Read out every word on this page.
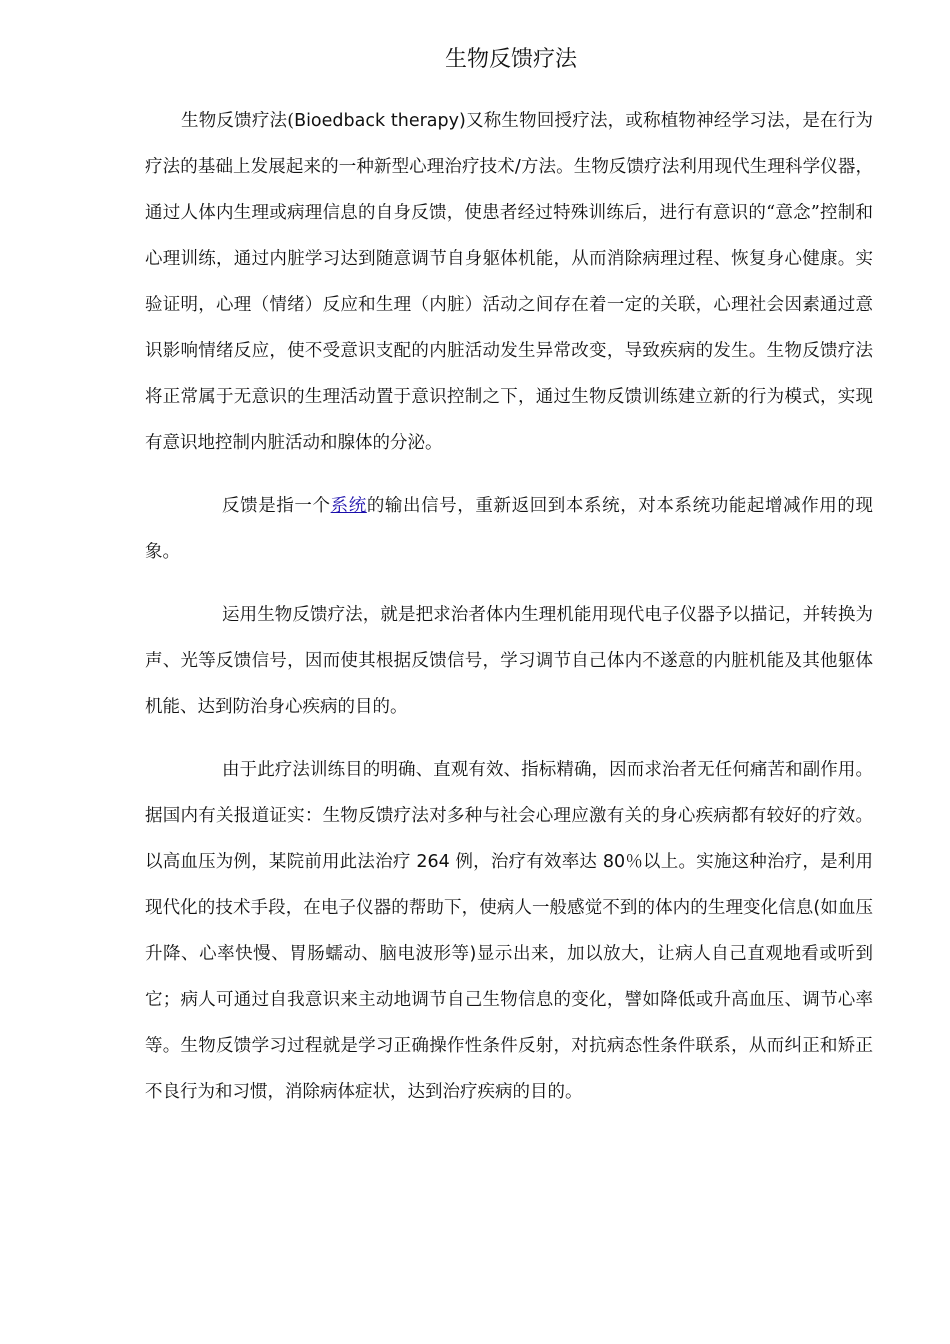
生物反馈疗法

生物反馈疗法(Bioedback therapy)又称生物回授疗法，或称植物神经学习法，是在行为疗法的基础上发展起来的一种新型心理治疗技术/方法。生物反馈疗法利用现代生理科学仪器，通过人体内生理或病理信息的自身反馈，使患者经过特殊训练后，进行有意识的“意念”控制和心理训练，通过内脏学习达到随意调节自身躯体机能，从而消除病理过程、恢复身心健康。实验证明，心理（情绪）反应和生理（内脏）活动之间存在着一定的关联，心理社会因素通过意识影响情绪反应，使不受意识支配的内脏活动发生异常改变，导致疾病的发生。生物反馈疗法将正常属于无意识的生理活动置于意识控制之下，通过生物反馈训练建立新的行为模式，实现有意识地控制内脏活动和腺体的分泌。

反馈是指一个系统的输出信号，重新返回到本系统，对本系统功能起增减作用的现象。

运用生物反馈疗法，就是把求治者体内生理机能用现代电子仪器予以描记，并转换为声、光等反馈信号，因而使其根据反馈信号，学习调节自己体内不遂意的内脏机能及其他躯体机能、达到防治身心疾病的目的。

由于此疗法训练目的明确、直观有效、指标精确，因而求治者无任何痛苦和副作用。据国内有关报道证实：生物反馈疗法对多种与社会心理应激有关的身心疾病都有较好的疗效。以高血压为例，某院前用此法治疗 264 例，治疗有效率达 80％以上。实施这种治疗，是利用现代化的技术手段，在电子仪器的帮助下，使病人一般感觉不到的体内的生理变化信息(如血压升降、心率快慢、胃肠蠕动、脑电波形等)显示出来，加以放大，让病人自己直观地看或听到它；病人可通过自我意识来主动地调节自己生物信息的变化，譬如降低或升高血压、调节心率等。生物反馈学习过程就是学习正确操作性条件反射，对抗病态性条件联系，从而纠正和矫正不良行为和习惯，消除病体症状，达到治疗疾病的目的。
